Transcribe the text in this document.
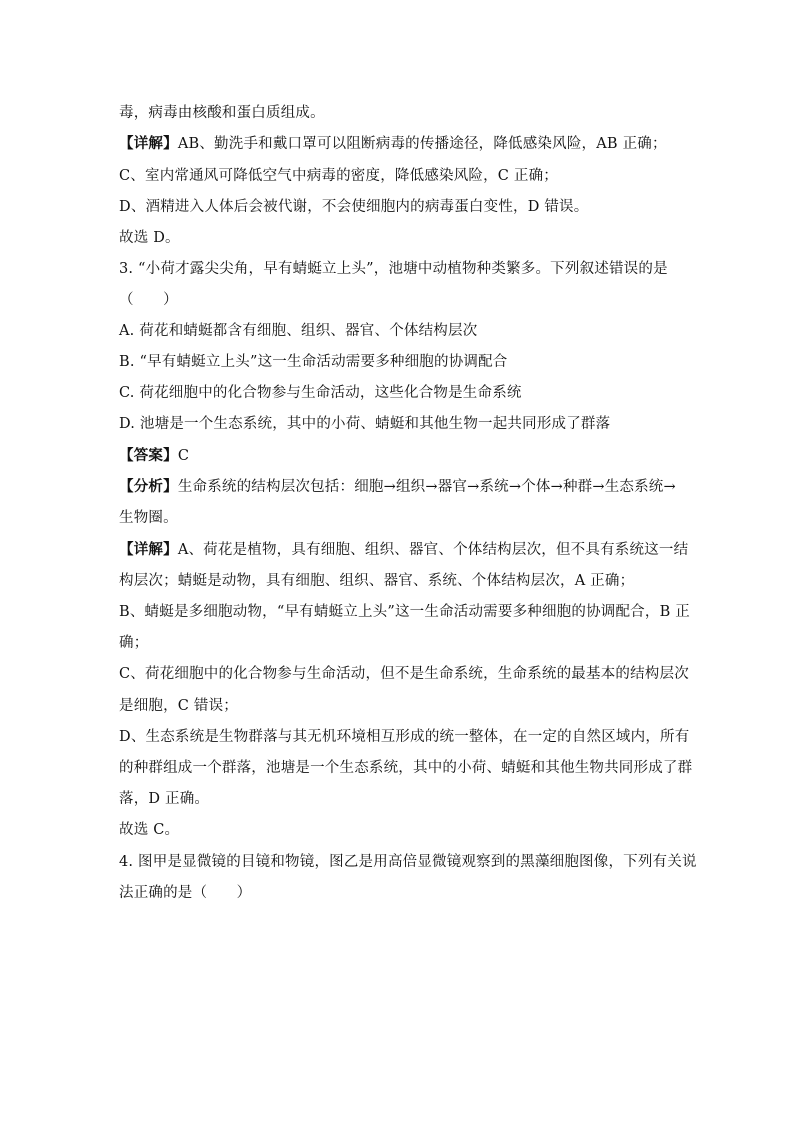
毒，病毒由核酸和蛋白质组成。
【详解】AB、勤洗手和戴口罩可以阻断病毒的传播途径，降低感染风险，AB 正确；
C、室内常通风可降低空气中病毒的密度，降低感染风险，C 正确；
D、酒精进入人体后会被代谢，不会使细胞内的病毒蛋白变性，D 错误。
故选 D。
3. “小荷才露尖尖角，早有蜻蜓立上头”，池塘中动植物种类繁多。下列叙述错误的是
（　　）
A. 荷花和蜻蜓都含有细胞、组织、器官、个体结构层次
B. “早有蜻蜓立上头”这一生命活动需要多种细胞的协调配合
C. 荷花细胞中的化合物参与生命活动，这些化合物是生命系统
D. 池塘是一个生态系统，其中的小荷、蜻蜓和其他生物一起共同形成了群落
【答案】C
【分析】生命系统的结构层次包括：细胞→组织→器官→系统→个体→种群→生态系统→
生物圈。
【详解】A、荷花是植物，具有细胞、组织、器官、个体结构层次，但不具有系统这一结
构层次；蜻蜓是动物，具有细胞、组织、器官、系统、个体结构层次，A 正确；
B、蜻蜓是多细胞动物，“早有蜻蜓立上头”这一生命活动需要多种细胞的协调配合，B 正
确；
C、荷花细胞中的化合物参与生命活动，但不是生命系统，生命系统的最基本的结构层次
是细胞，C 错误；
D、生态系统是生物群落与其无机环境相互形成的统一整体，在一定的自然区域内，所有
的种群组成一个群落，池塘是一个生态系统，其中的小荷、蜻蜓和其他生物共同形成了群
落，D 正确。
故选 C。
4. 图甲是显微镜的目镜和物镜，图乙是用高倍显微镜观察到的黑藻细胞图像，下列有关说
法正确的是（　　）
